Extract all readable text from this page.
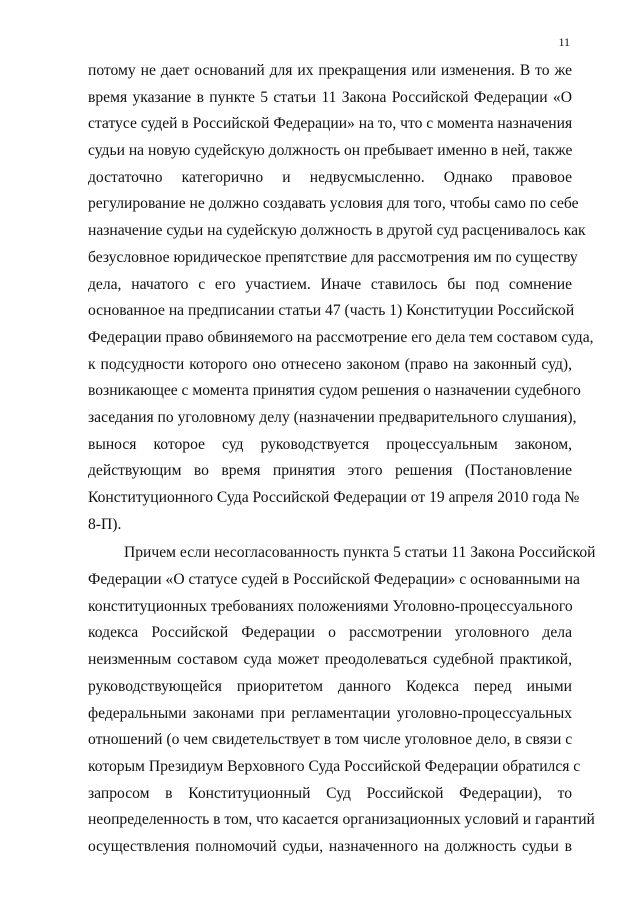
11
потому не дает оснований для их прекращения или изменения. В то же
время указание в пункте 5 статьи 11 Закона Российской Федерации «О
статусе судей в Российской Федерации» на то, что с момента назначения
судьи на новую судейскую должность он пребывает именно в ней, также
достаточно категорично и недвусмысленно. Однако правовое
регулирование не должно создавать условия для того, чтобы само по себе
назначение судьи на судейскую должность в другой суд расценивалось как
безусловное юридическое препятствие для рассмотрения им по существу
дела, начатого с его участием. Иначе ставилось бы под сомнение
основанное на предписании статьи 47 (часть 1) Конституции Российской
Федерации право обвиняемого на рассмотрение его дела тем составом суда,
к подсудности которого оно отнесено законом (право на законный суд),
возникающее с момента принятия судом решения о назначении судебного
заседания по уголовному делу (назначении предварительного слушания),
вынося которое суд руководствуется процессуальным законом,
действующим во время принятия этого решения (Постановление
Конституционного Суда Российской Федерации от 19 апреля 2010 года №
8-П).
Причем если несогласованность пункта 5 статьи 11 Закона Российской
Федерации «О статусе судей в Российской Федерации» с основанными на
конституционных требованиях положениями Уголовно-процессуального
кодекса Российской Федерации о рассмотрении уголовного дела
неизменным составом суда может преодолеваться судебной практикой,
руководствующейся приоритетом данного Кодекса перед иными
федеральными законами при регламентации уголовно-процессуальных
отношений (о чем свидетельствует в том числе уголовное дело, в связи с
которым Президиум Верховного Суда Российской Федерации обратился с
запросом в Конституционный Суд Российской Федерации), то
неопределенность в том, что касается организационных условий и гарантий
осуществления полномочий судьи, назначенного на должность судьи в
